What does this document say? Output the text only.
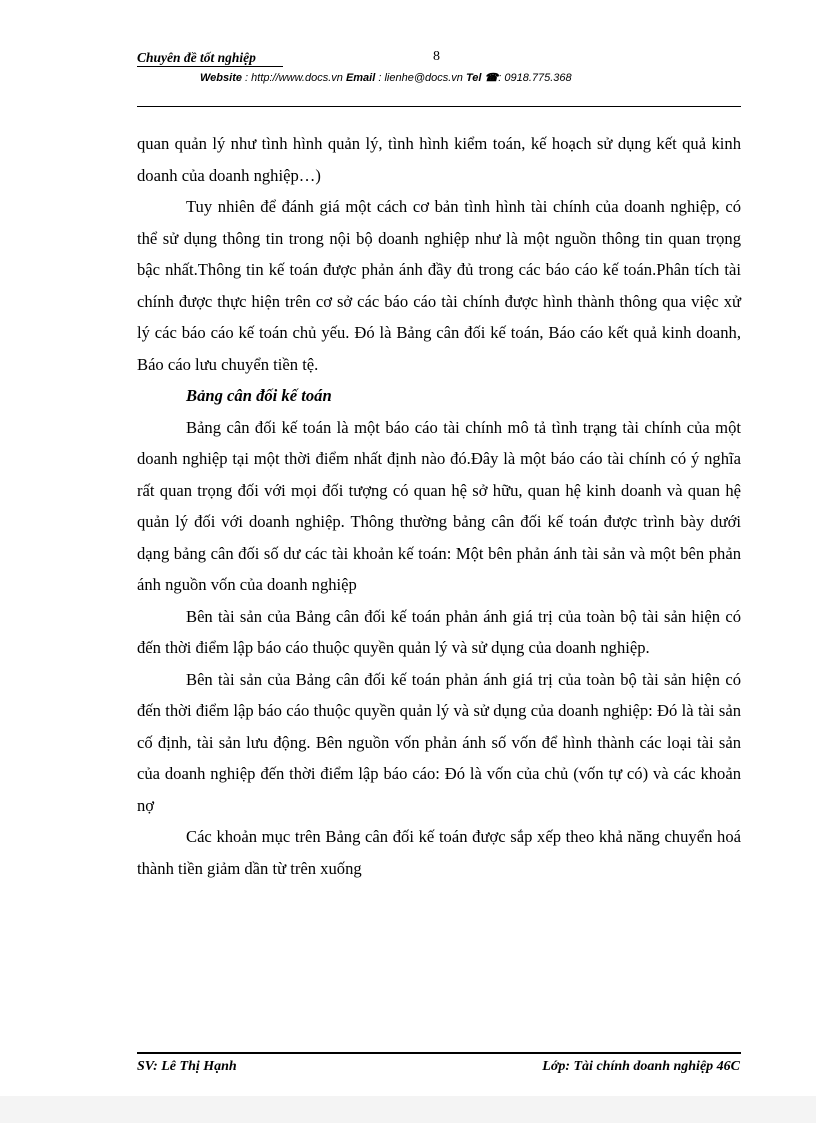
Chuyên đề tốt nghiệp	8
Website : http://www.docs.vn Email : lienhe@docs.vn Tel ☎: 0918.775.368

quan quản lý như tình hình quản lý, tình hình kiểm toán, kế hoạch sử dụng kết quả kinh doanh của doanh nghiệp…)

Tuy nhiên để đánh giá một cách cơ bản tình hình tài chính của doanh nghiệp, có thể sử dụng thông tin trong nội bộ doanh nghiệp như là một nguồn thông tin quan trọng bậc nhất.Thông tin kế toán được phản ánh đầy đủ trong các báo cáo kế toán.Phân tích tài chính được thực hiện trên cơ sở các báo cáo tài chính được hình thành thông qua việc xử lý các báo cáo kế toán chủ yếu. Đó là Bảng cân đối kế toán, Báo cáo kết quả kinh doanh, Báo cáo lưu chuyển tiền tệ.

Bảng cân đối kế toán

Bảng cân đối kế toán là một báo cáo tài chính mô tả tình trạng tài chính của một doanh nghiệp tại một thời điểm nhất định nào đó.Đây là một báo cáo tài chính có ý nghĩa rất quan trọng đối với mọi đối tượng có quan hệ sở hữu, quan hệ kinh doanh và quan hệ quản lý đối với doanh nghiệp. Thông thường bảng cân đối kế toán được trình bày dưới dạng bảng cân đối số dư các tài khoản kế toán: Một bên phản ánh tài sản và một bên phản ánh nguồn vốn của doanh nghiệp

Bên tài sản của Bảng cân đối kế toán phản ánh giá trị của toàn bộ tài sản hiện có đến thời điểm lập báo cáo thuộc quyền quản lý và sử dụng của doanh nghiệp.

Bên tài sản của Bảng cân đối kế toán phản ánh giá trị của toàn bộ tài sản hiện có đến thời điểm lập báo cáo thuộc quyền quản lý và sử dụng của doanh nghiệp: Đó là tài sản cố định, tài sản lưu động. Bên nguồn vốn phản ánh số vốn để hình thành các loại tài sản của doanh nghiệp đến thời điểm lập báo cáo: Đó là vốn của chủ (vốn tự có) và các khoản nợ

Các khoản mục trên Bảng cân đối kế toán được sắp xếp theo khả năng chuyển hoá thành tiền giảm dần từ trên xuống

SV: Lê Thị Hạnh	Lớp: Tài chính doanh nghiệp 46C
